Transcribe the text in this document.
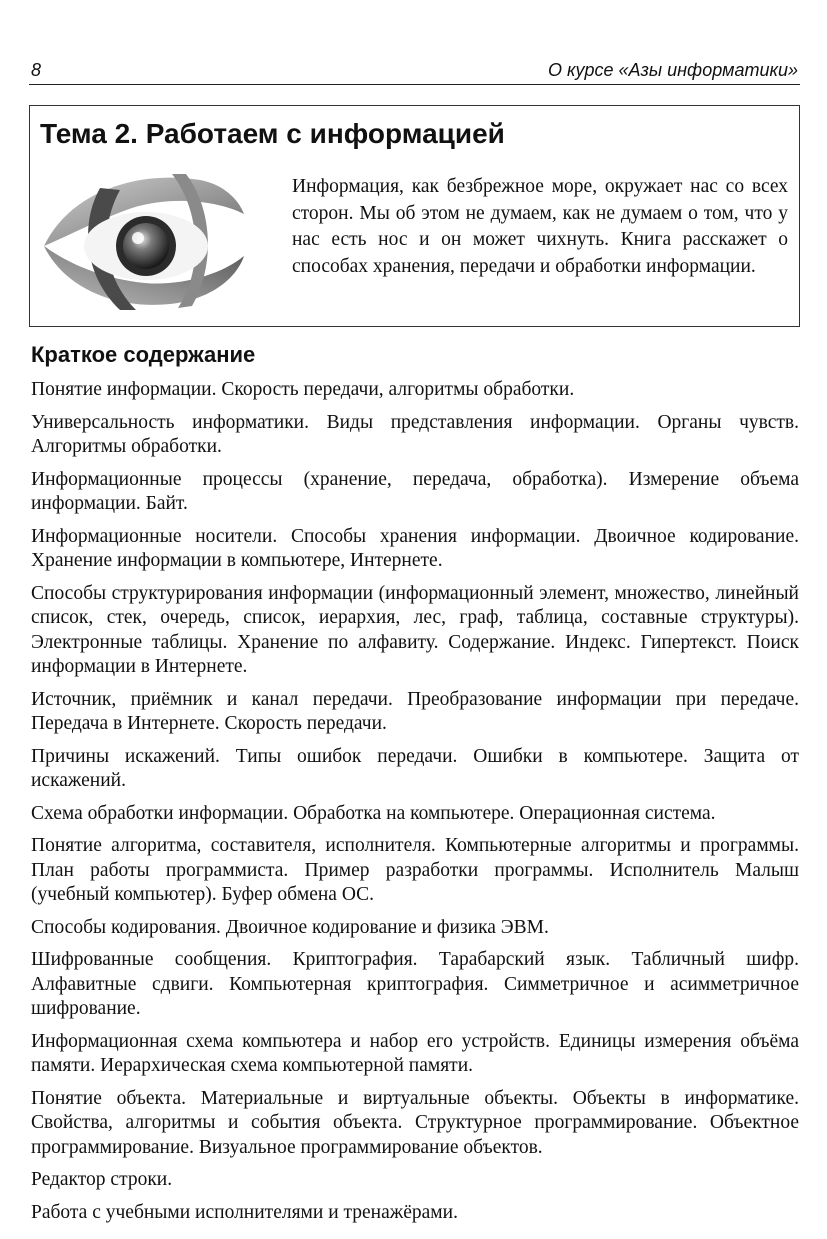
8	О курсе «Азы информатики»
Тема 2. Работаем с информацией

Информация, как безбрежное море, окружает нас со всех сторон. Мы об этом не думаем, как не думаем о том, что у нас есть нос и он может чихнуть. Книга расскажет о способах хранения, передачи и обработки информации.

Краткое содержание

Понятие информации. Скорость передачи, алгоритмы обработки.

Универсальность информатики. Виды представления информации. Органы чувств. Алгоритмы обработки.

Информационные процессы (хранение, передача, обработка). Измерение объема информации. Байт.

Информационные носители. Способы хранения информации. Двоичное кодирование. Хранение информации в компьютере, Интернете.

Способы структурирования информации (информационный элемент, множество, линейный список, стек, очередь, список, иерархия, лес, граф, таблица, составные структуры). Электронные таблицы. Хранение по алфавиту. Содержание. Индекс. Гипертекст. Поиск информации в Интернете.

Источник, приёмник и канал передачи. Преобразование информации при передаче. Передача в Интернете. Скорость передачи.

Причины искажений. Типы ошибок передачи. Ошибки в компьютере. Защита от искажений.

Схема обработки информации. Обработка на компьютере. Операционная система.

Понятие алгоритма, составителя, исполнителя. Компьютерные алгоритмы и программы. План работы программиста. Пример разработки программы. Исполнитель Малыш (учебный компьютер). Буфер обмена ОС.

Способы кодирования. Двоичное кодирование и физика ЭВМ.

Шифрованные сообщения. Криптография. Тарабарский язык. Табличный шифр. Алфавитные сдвиги. Компьютерная криптография. Симметричное и асимметричное шифрование.

Информационная схема компьютера и набор его устройств. Единицы измерения объёма памяти. Иерархическая схема компьютерной памяти.

Понятие объекта. Материальные и виртуальные объекты. Объекты в информатике. Свойства, алгоритмы и события объекта. Структурное программирование. Объектное программирование. Визуальное программирование объектов.

Редактор строки.

Работа с учебными исполнителями и тренажёрами.
